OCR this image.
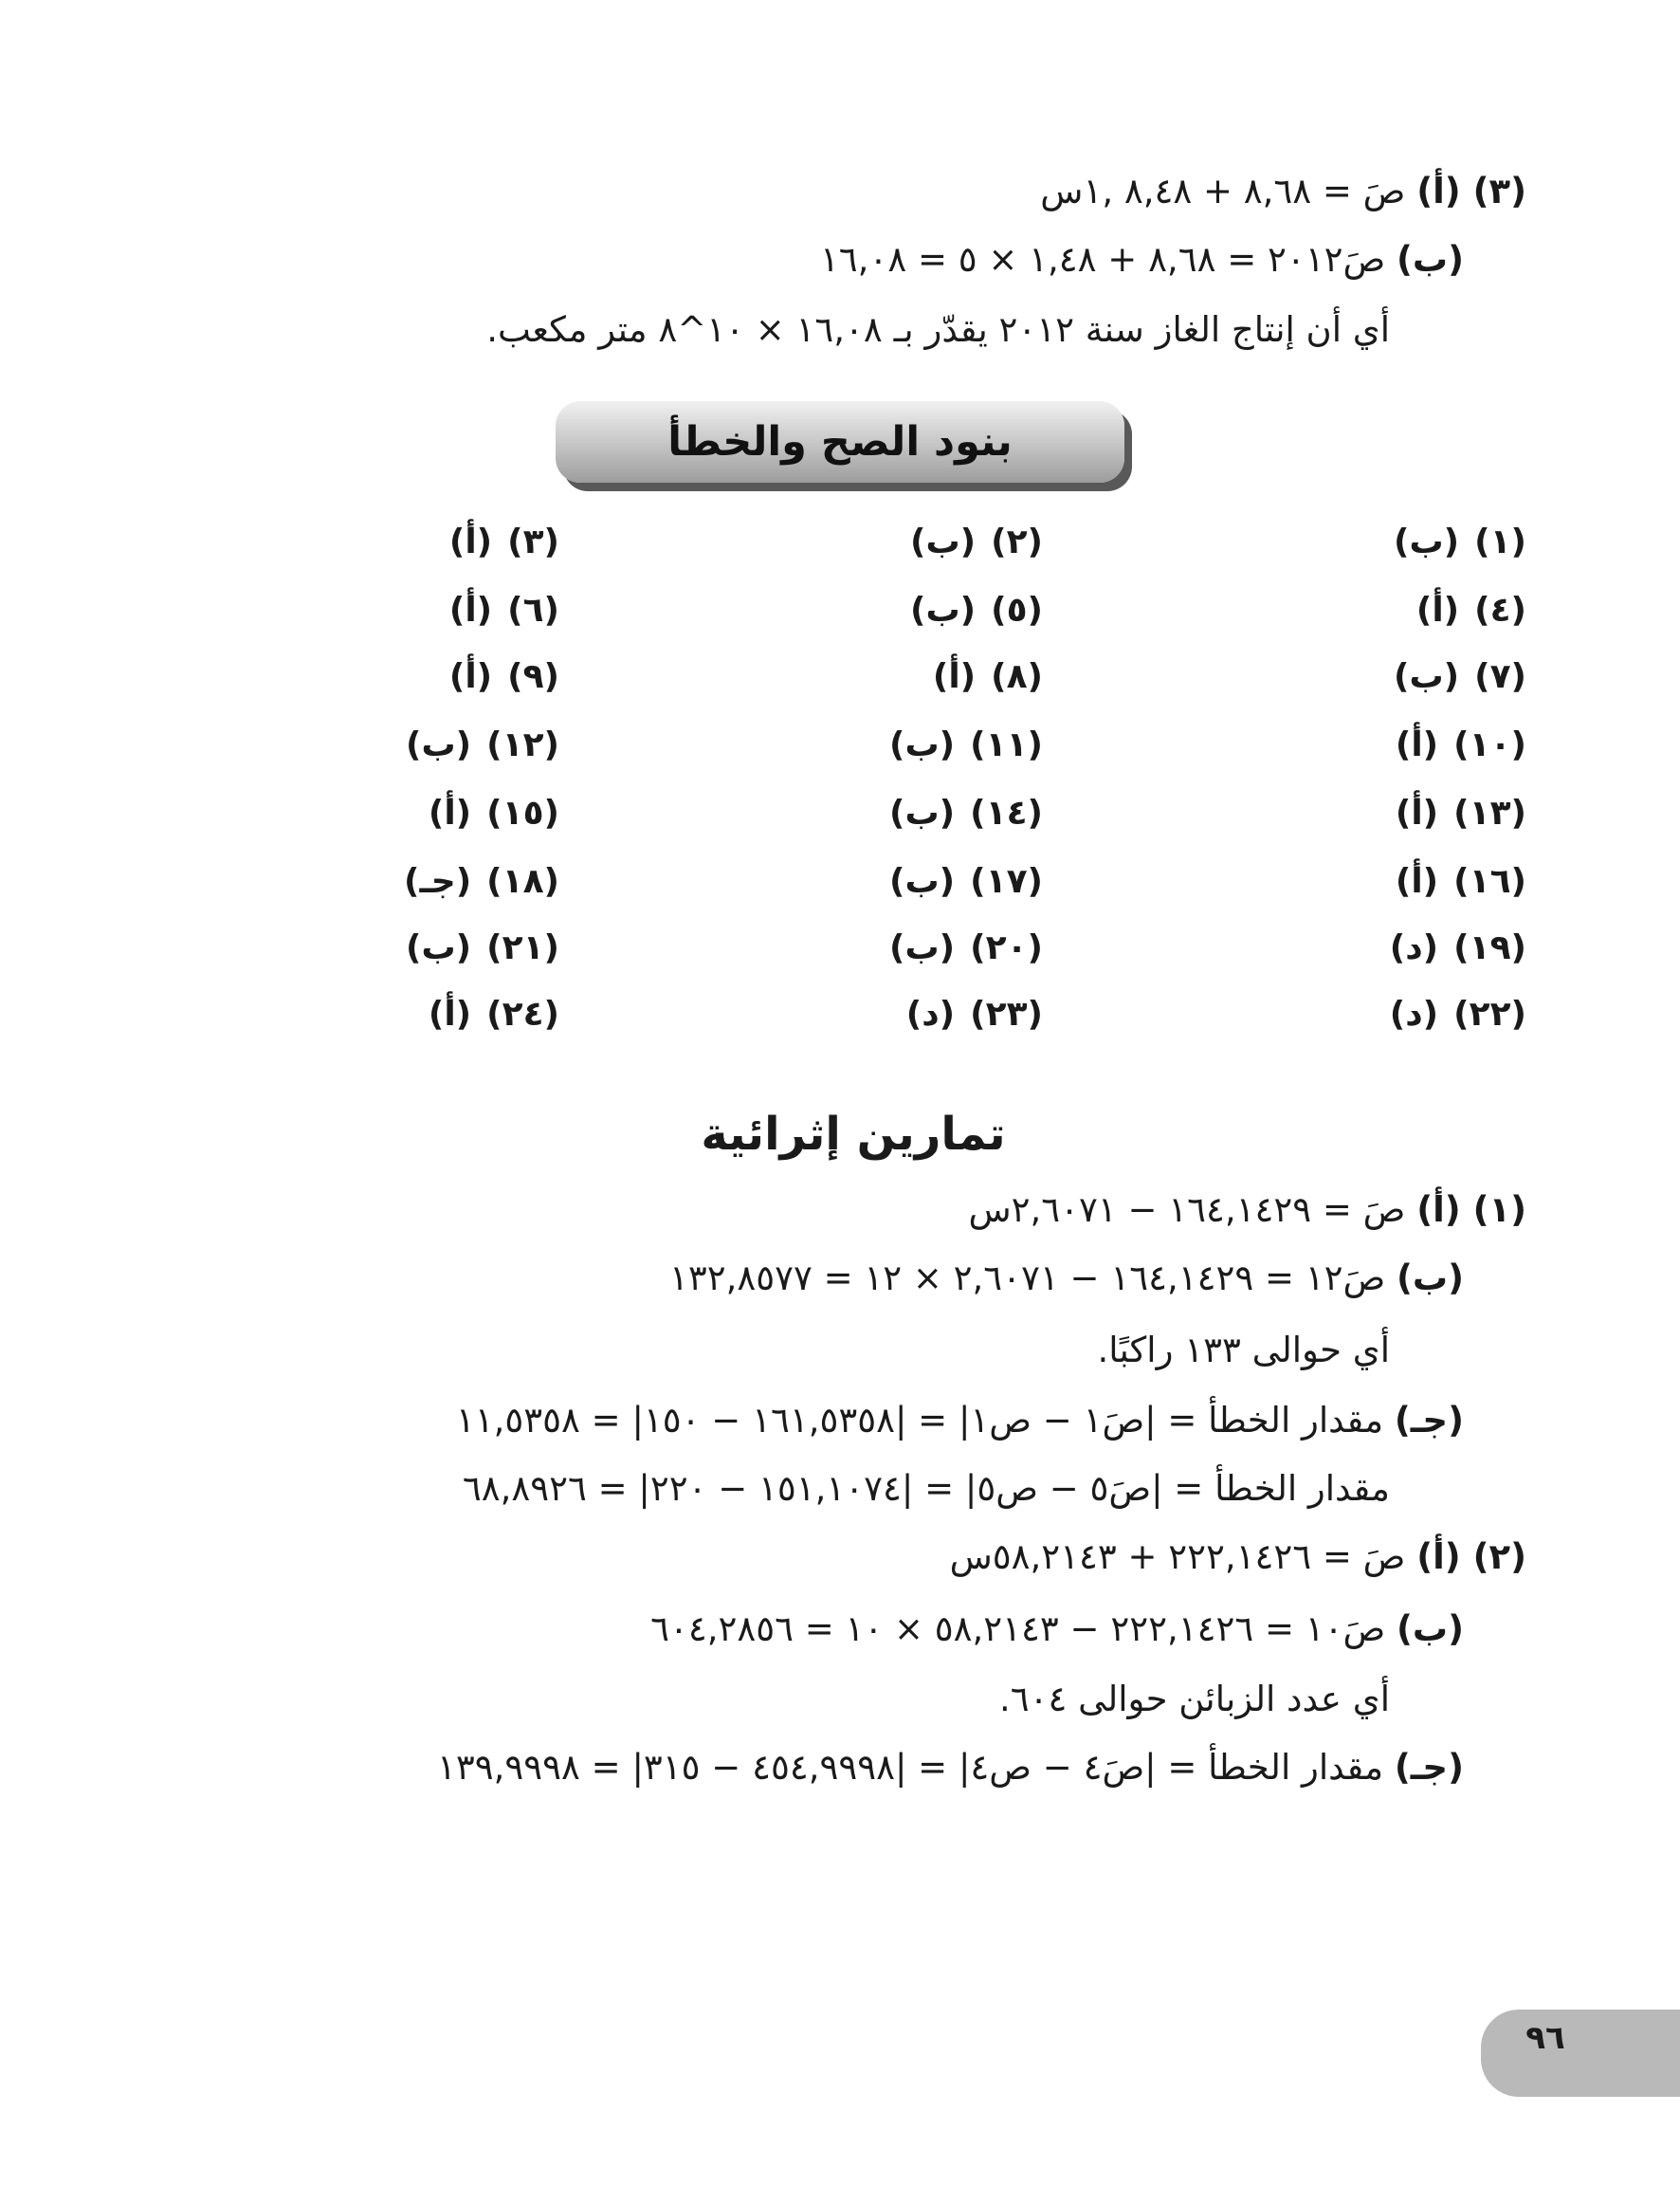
(٣) (أ) صَ = ٨,٦٨ + ٨,٤٨ ,١س
(ب) صَ٢٠١٢ = ٨,٦٨ + ١,٤٨ × ٥ = ١٦,٠٨
أي أن إنتاج الغاز سنة ٢٠١٢ يقدّر بـ ١٦,٠٨ × ١٠^٨ متر مكعب.
بنود الصح والخطأ
(١)(ب)
(٢)(ب)
(٣)(أ)
(٤)(أ)
(٥)(ب)
(٦)(أ)
(٧)(ب)
(٨)(أ)
(٩)(أ)
(١٠)(أ)
(١١)(ب)
(١٢)(ب)
(١٣)(أ)
(١٤)(ب)
(١٥)(أ)
(١٦)(أ)
(١٧)(ب)
(١٨)(جـ)
(١٩)(د)
(٢٠)(ب)
(٢١)(ب)
(٢٢)(د)
(٢٣)(د)
(٢٤)(أ)
تمارين إثرائية
(١) (أ) صَ = ١٦٤,١٤٢٩ − ٢,٦٠٧١س
(ب) صَ١٢ = ١٦٤,١٤٢٩ − ٢,٦٠٧١ × ١٢ = ١٣٢,٨٥٧٧
أي حوالى ١٣٣ راكبًا.
(جـ) مقدار الخطأ = |صَ١ − ص١| = |١٦١,٥٣٥٨ − ١٥٠| = ١١,٥٣٥٨
مقدار الخطأ = |صَ٥ − ص٥| = |١٥١,١٠٧٤ − ٢٢٠| = ٦٨,٨٩٢٦
(٢) (أ) صَ = ٢٢٢,١٤٢٦ + ٥٨,٢١٤٣س
(ب) صَ١٠ = ٢٢٢,١٤٢٦ − ٥٨,٢١٤٣ × ١٠ = ٦٠٤,٢٨٥٦
أي عدد الزبائن حوالى ٦٠٤.
(جـ) مقدار الخطأ = |صَ٤ − ص٤| = |٤٥٤,٩٩٩٨ − ٣١٥| = ١٣٩,٩٩٩٨
٩٦
